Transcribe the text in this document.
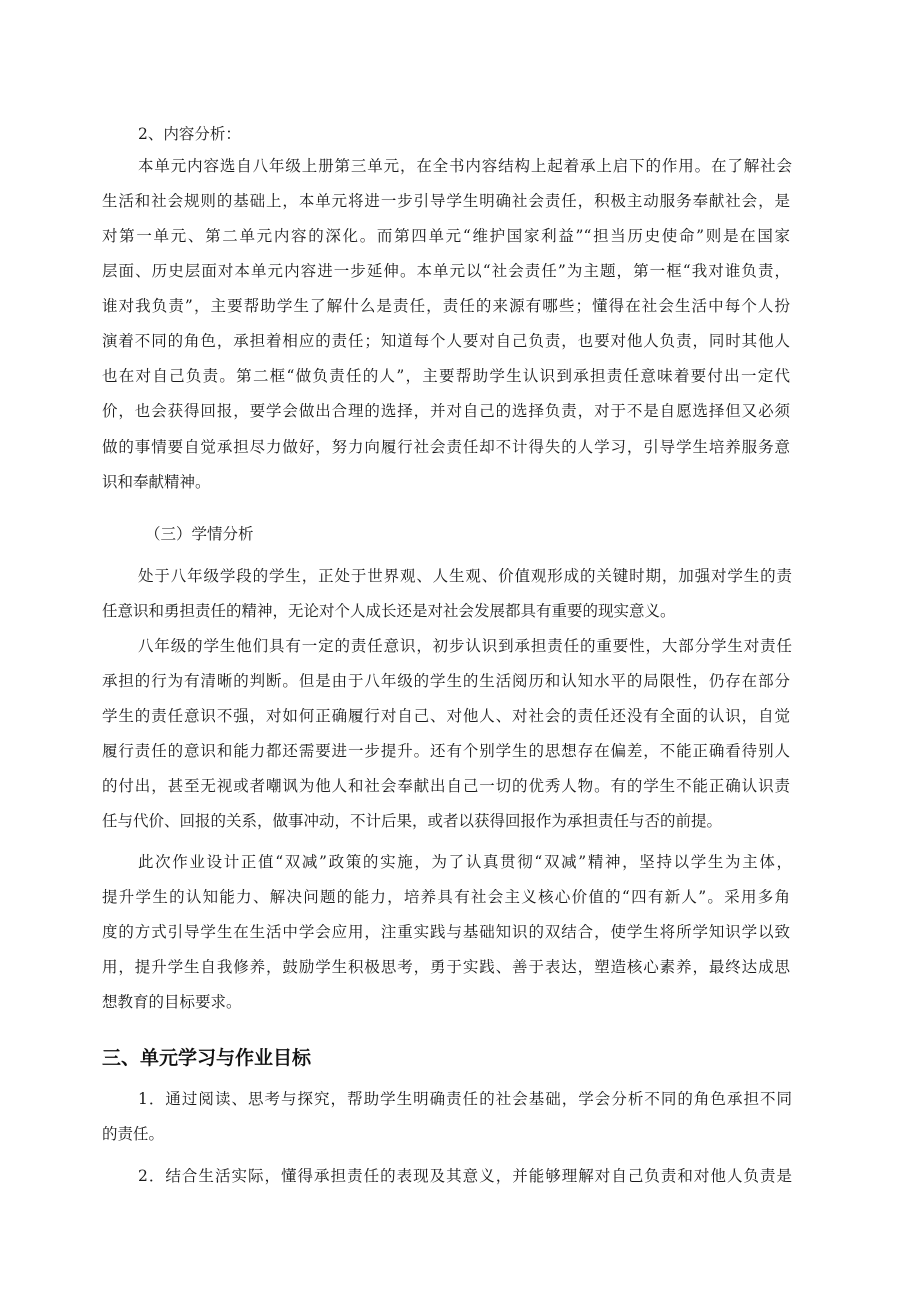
2、内容分析：
本单元内容选自八年级上册第三单元，在全书内容结构上起着承上启下的作用。在了解社会
生活和社会规则的基础上，本单元将进一步引导学生明确社会责任，积极主动服务奉献社会，是
对第一单元、第二单元内容的深化。而第四单元“维护国家利益”“担当历史使命”则是在国家
层面、历史层面对本单元内容进一步延伸。本单元以“社会责任”为主题，第一框“我对谁负责，
谁对我负责”，主要帮助学生了解什么是责任，责任的来源有哪些；懂得在社会生活中每个人扮
演着不同的角色，承担着相应的责任；知道每个人要对自己负责，也要对他人负责，同时其他人
也在对自己负责。第二框“做负责任的人”，主要帮助学生认识到承担责任意味着要付出一定代
价，也会获得回报，要学会做出合理的选择，并对自己的选择负责，对于不是自愿选择但又必须
做的事情要自觉承担尽力做好，努力向履行社会责任却不计得失的人学习，引导学生培养服务意
识和奉献精神。
（三）学情分析
处于八年级学段的学生，正处于世界观、人生观、价值观形成的关键时期，加强对学生的责
任意识和勇担责任的精神，无论对个人成长还是对社会发展都具有重要的现实意义。
八年级的学生他们具有一定的责任意识，初步认识到承担责任的重要性，大部分学生对责任
承担的行为有清晰的判断。但是由于八年级的学生的生活阅历和认知水平的局限性，仍存在部分
学生的责任意识不强，对如何正确履行对自己、对他人、对社会的责任还没有全面的认识，自觉
履行责任的意识和能力都还需要进一步提升。还有个别学生的思想存在偏差，不能正确看待别人
的付出，甚至无视或者嘲讽为他人和社会奉献出自己一切的优秀人物。有的学生不能正确认识责
任与代价、回报的关系，做事冲动，不计后果，或者以获得回报作为承担责任与否的前提。
此次作业设计正值“双减”政策的实施，为了认真贯彻“双减”精神，坚持以学生为主体，
提升学生的认知能力、解决问题的能力，培养具有社会主义核心价值的“四有新人”。采用多角
度的方式引导学生在生活中学会应用，注重实践与基础知识的双结合，使学生将所学知识学以致
用，提升学生自我修养，鼓励学生积极思考，勇于实践、善于表达，塑造核心素养，最终达成思
想教育的目标要求。
三、单元学习与作业目标
1．通过阅读、思考与探究，帮助学生明确责任的社会基础，学会分析不同的角色承担不同
的责任。
2．结合生活实际，懂得承担责任的表现及其意义，并能够理解对自己负责和对他人负责是
